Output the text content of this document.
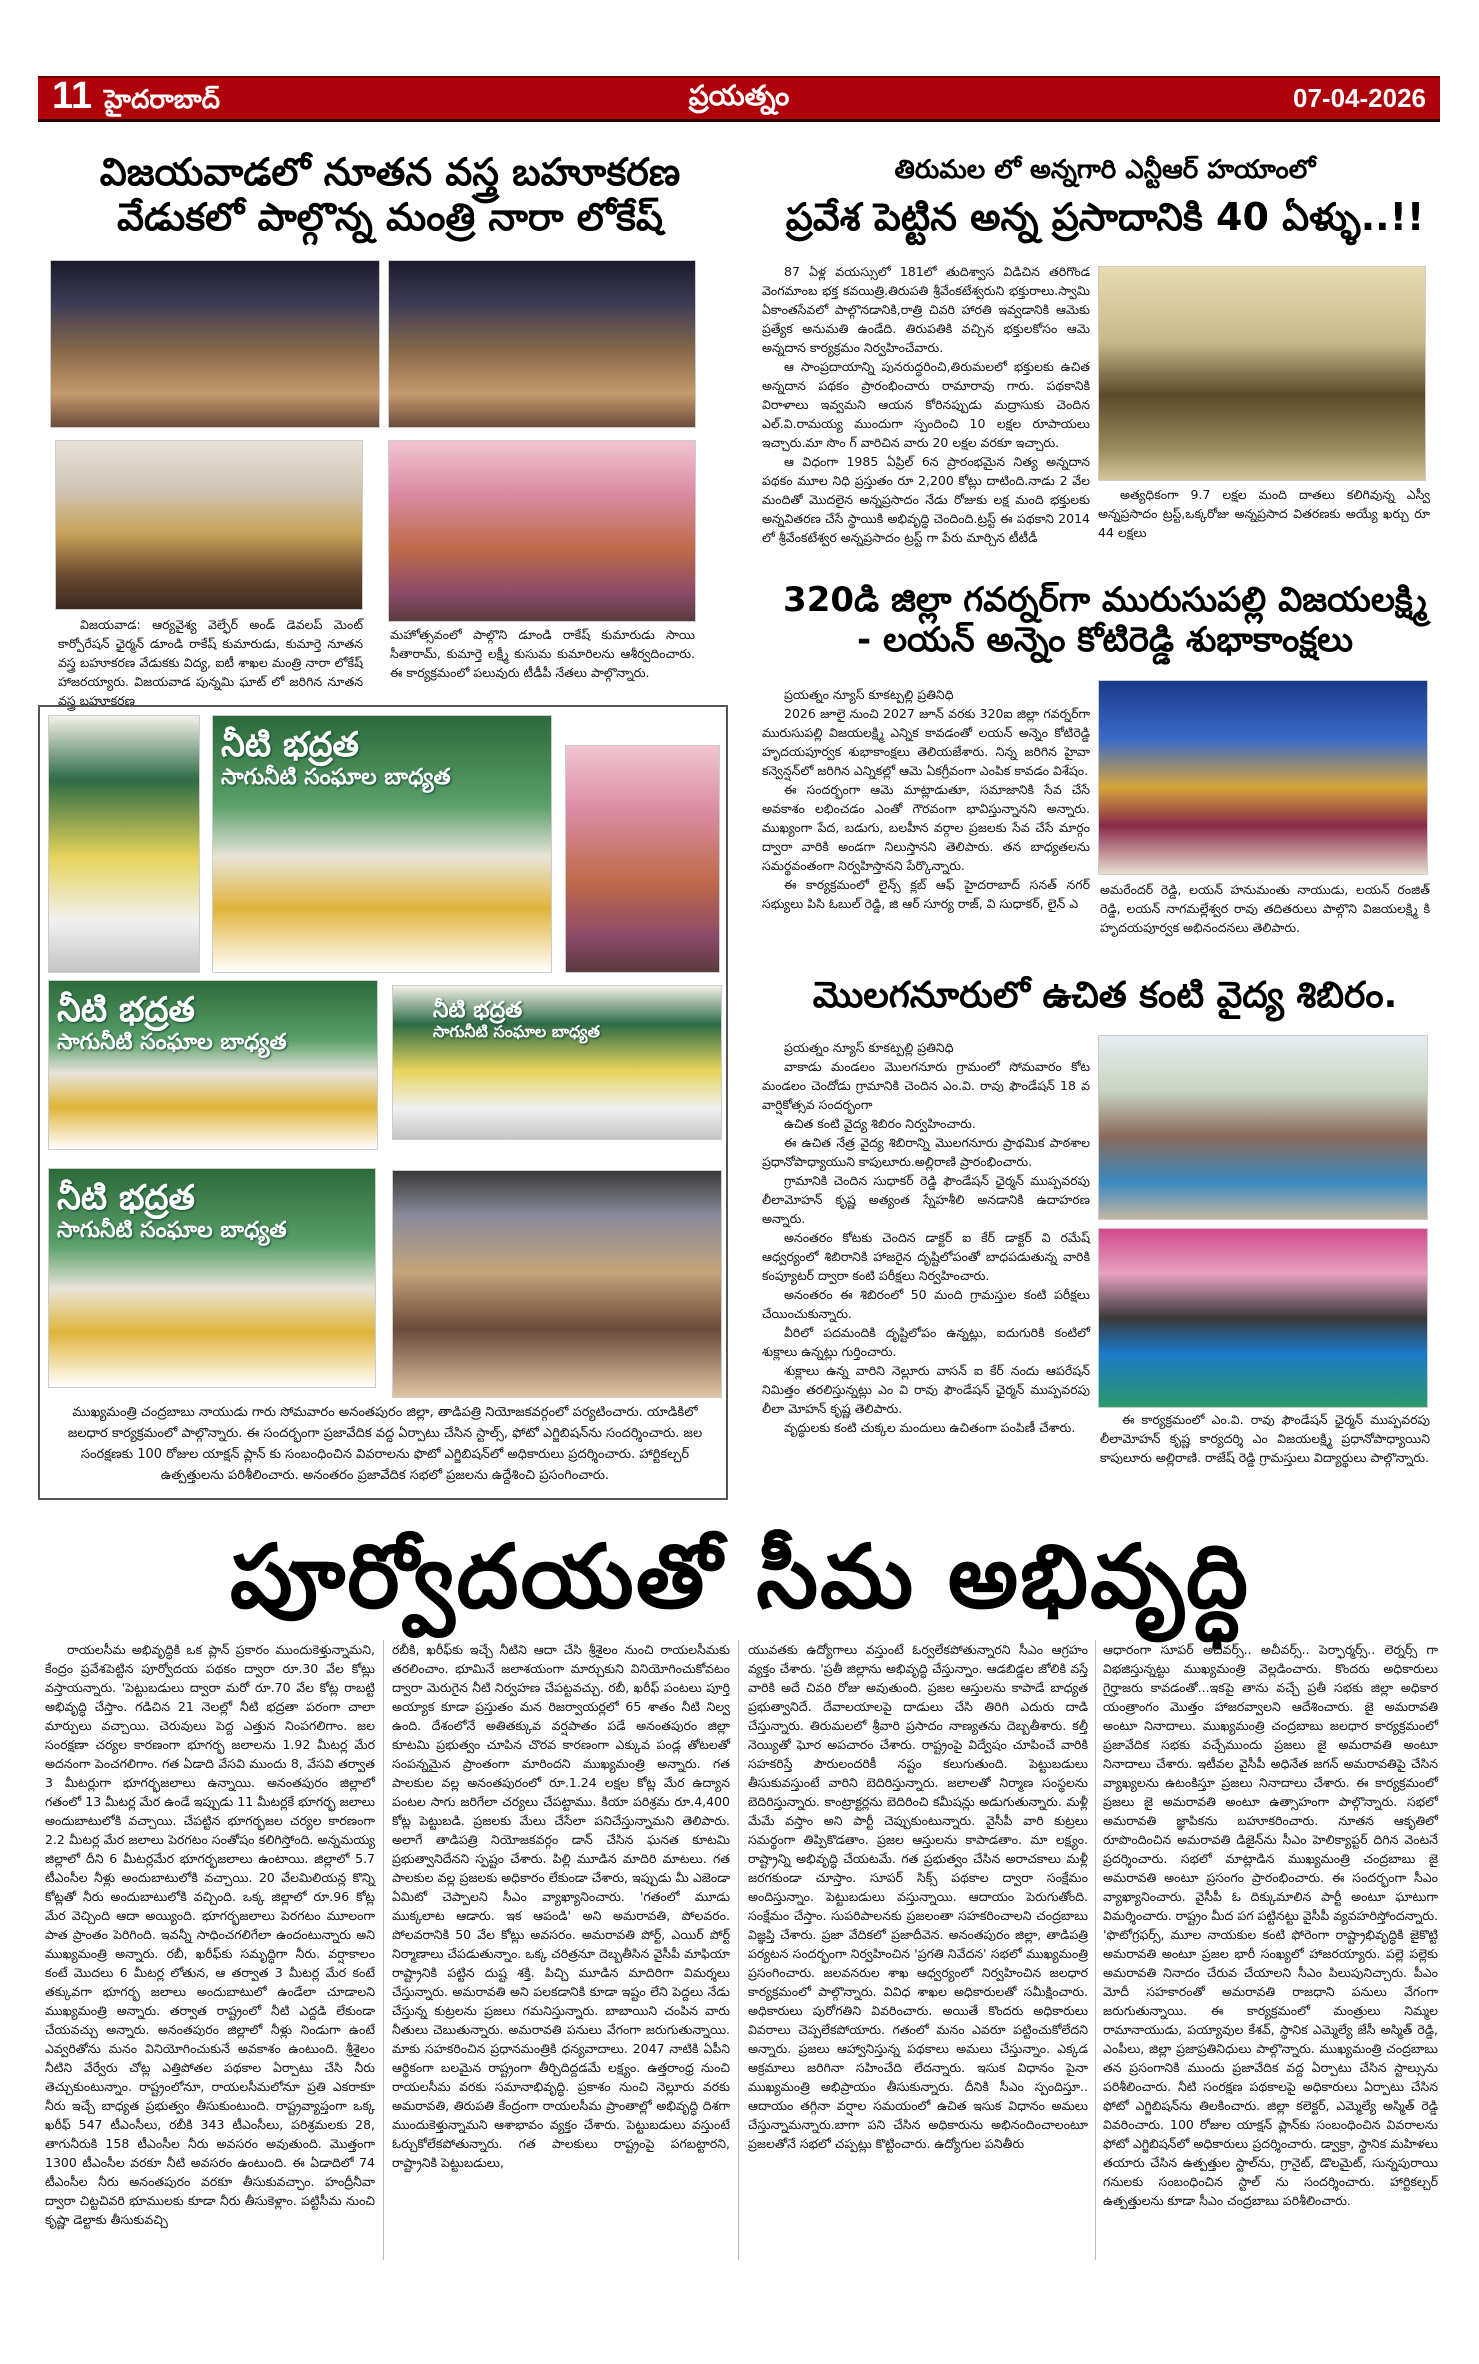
11 హైదరాబాద్	ప్రయత్నం	07-04-2026
విజయవాడలో నూతన వస్త్ర బహూకరణ
వేడుకలో పాల్గొన్న మంత్రి నారా లోకేష్

విజయవాడ: ఆర్యవైశ్య వెల్ఫేర్ అండ్ డెవలప్ మెంట్ కార్పోరేషన్ ఛైర్మన్ డూండి రాకేష్ కుమారుడు, కుమార్తె నూతన వస్త్ర బహూకరణ వేడుకకు విద్య, ఐటీ శాఖల మంత్రి నారా లోకేష్ హాజరయ్యారు. విజయవాడ పున్నమి ఘాట్ లో జరిగిన నూతన వస్త్ర బహూకరణ

మహోత్సవంలో పాల్గొని డూండి రాకేష్ కుమారుడు సాయి సీతారామ్, కుమార్తె లక్ష్మీ కుసుమ కుమారిలను ఆశీర్వదించారు. ఈ కార్యక్రమంలో పలువురు టీడీపీ నేతలు పాల్గొన్నారు.

తిరుమల లో అన్నగారి ఎన్టీఆర్ హయాంలో
ప్రవేశ పెట్టిన అన్న ప్రసాదానికి 40 ఏళ్ళు..!!

87 ఏళ్ల వయస్సులో 181లో తుదిశ్వాస విడిచిన తరిగొండ వెంగమాంబ భక్త కవయిత్రి.తిరుపతి శ్రీవేంకటేశ్వరుని భక్తురాలు.స్వామి ఏకాంతసేవలో పాల్గొనడానికి,రాత్రి చివరి హారతి ఇవ్వడానికి ఆమెకు ప్రత్యేక అనుమతి ఉండేది. తిరుపతికి వచ్చిన భక్తులకోసం ఆమె అన్నదాన కార్యక్రమం నిర్వహించేవారు.

ఆ సాంప్రదాయాన్ని పునరుద్ధరించి,తిరుమలలో భక్తులకు ఉచిత అన్నదాన పథకం ప్రారంభించారు రామారావు గారు. పథకానికి విరాళాలు ఇవ్వమని ఆయన కోరినప్పుడు మద్రాసుకు చెందిన ఎల్.వి.రామయ్య ముందుగా స్పందించి 10 లక్షల రూపాయలు ఇచ్చారు.మా సొం గ్ వారిచిన వారు 20 లక్షల వరకూ ఇచ్చారు.

ఆ విధంగా 1985 ఏప్రిల్ 6న ప్రారంభమైన నిత్య అన్నదాన పథకం మూల నిధి ప్రస్తుతం రూ 2,200 కోట్లు దాటింది.నాడు 2 వేల మందితో మొదలైన అన్నప్రసాదం నేడు రోజుకు లక్ష మంది భక్తులకు అన్నవితరణ చేసే స్థాయికి అభివృద్ధి చెందింది.ట్రస్ట్ ఈ పథకాని 2014 లో శ్రీవేంకటేశ్వర అన్నప్రసాదం ట్రస్ట్ గా పేరు మార్చిన టీటీడీ

అత్యధికంగా 9.7 లక్షల మంది దాతలు కలిగివున్న ఎస్వీ అన్నప్రసాదం ట్రస్ట్,ఒక్కరోజు అన్నప్రసాద వితరణకు అయ్యే ఖర్చు రూ 44 లక్షలు

320డి జిల్లా గవర్నర్‌గా మురుసుపల్లి విజయలక్ష్మి
- లయన్ అన్నెం కోటిరెడ్డి శుభాకాంక్షలు

ప్రయత్నం న్యూస్ కూకట్పల్లి ప్రతినిధి

2026 జూలై నుంచి 2027 జూన్ వరకు 320ఐ జిల్లా గవర్నర్‌గా మురుసుపల్లి విజయలక్ష్మి ఎన్నిక కావడంతో లయన్ అన్నెం కోటిరెడ్డి హృదయపూర్వక శుభాకాంక్షలు తెలియజేశారు. నిన్న జరిగిన హైవా కన్వెన్షన్‌లో జరిగిన ఎన్నికల్లో ఆమె ఏకగ్రీవంగా ఎంపిక కావడం విశేషం.

ఈ సందర్భంగా ఆమె మాట్లాడుతూ, సమాజానికి సేవ చేసే అవకాశం లభించడం ఎంతో గౌరవంగా భావిస్తున్నానని అన్నారు. ముఖ్యంగా పేద, బడుగు, బలహీన వర్గాల ప్రజలకు సేవ చేసే మార్గం ద్వారా వారికి అండగా నిలుస్తానని తెలిపారు. తన బాధ్యతలను సమర్థవంతంగా నిర్వహిస్తానని పేర్కొన్నారు.

ఈ కార్యక్రమంలో లైన్స్ క్లబ్ ఆఫ్ హైదరాబాద్ సనత్ నగర్ సభ్యులు పిసి ఓబుల్ రెడ్డి, జి ఆర్ సూర్య రాజ్, వి సుధాకర్, లైన్ ఎ

అమరేందర్ రెడ్డి, లయన్ హనుమంతు నాయుడు, లయన్ రంజిత్ రెడ్డి, లయన్ నాగమల్లేశ్వర రావు తదితరులు పాల్గొని విజయలక్ష్మి కి హృదయపూర్వక అభినందనలు తెలిపారు.

మొలగనూరులో ఉచిత కంటి వైద్య శిబిరం.

ప్రయత్నం న్యూస్ కూకట్పల్లి ప్రతినిధి

వాకాడు మండలం మొలగనూరు గ్రామంలో సోమవారం కోట మండలం చెందోడు గ్రామానికి చెందిన ఎం.వి. రావు ఫౌండేషన్ 18 వ వార్షికోత్సవ సందర్భంగా

ఉచిత కంటి వైద్య శిబిరం నిర్వహించారు.

ఈ ఉచిత నేత్ర వైద్య శిబిరాన్ని మొలగనూరు ప్రాథమిక పాఠశాల ప్రధానోపాధ్యాయుని కాపులూరు.అల్లిరాణి ప్రారంభించారు.

గ్రామానికి చెందిన సుధాకర్ రెడ్డి ఫౌండేషన్ ఛైర్మన్ ముప్పవరపు లీలామోహన్ కృష్ణ అత్యంత స్నేహశీలి అనడానికి ఉదాహరణ అన్నారు.

అనంతరం కోటకు చెందిన డాక్టర్ ఐ కేర్ డాక్టర్ వి రమేష్ ఆధ్వర్యంలో శిబిరానికి హాజరైన దృష్టిలోపంతో బాధపడుతున్న వారికి కంప్యూటర్ ద్వారా కంటి పరీక్షలు నిర్వహించారు.

అనంతరం ఈ శిబిరంలో 50 మంది గ్రామస్తుల కంటి పరీక్షలు చేయించుకున్నారు.

వీరిలో పదమందికి దృష్టిలోపం ఉన్నట్లు, ఐదుగురికి కంటిలో శుక్లాలు ఉన్నట్లు గుర్తించారు.

శుక్లాలు ఉన్న వారిని నెల్లూరు వాసన్ ఐ కేర్ నందు ఆపరేషన్ నిమిత్తం తరలిస్తున్నట్లు ఎం వి రావు ఫౌండేషన్ ఛైర్మన్ ముప్పవరపు లీలా మోహన్ కృష్ణ తెలిపారు.

వృద్ధులకు కంటి చుక్కల మందులు ఉచితంగా పంపిణీ చేశారు.

ఈ కార్యక్రమంలో ఎం.వి. రావు ఫౌండేషన్ ఛైర్మన్ ముప్పవరపు లీలామోహన్ కృష్ణ కార్యదర్శి ఎం విజయలక్ష్మి ప్రధానోపాధ్యాయిని కాపులూరు అల్లిరాణి. రాజేష్ రెడ్డి గ్రామస్తులు విద్యార్థులు పాల్గొన్నారు.

నీటి భద్రత
సాగునీటి సంఘాల బాధ్యత
నీటి భద్రత
సాగునీటి సంఘాల బాధ్యత
నీటి భద్రత
సాగునీటి సంఘాల బాధ్యత
నీటి భద్రత
సాగునీటి సంఘాల బాధ్యత
ముఖ్యమంత్రి చంద్రబాబు నాయుడు గారు సోమవారం అనంతపురం జిల్లా, తాడిపత్రి నియోజకవర్గంలో పర్యటించారు. యాడికిలో జలధార కార్యక్రమంలో పాల్గొన్నారు. ఈ సందర్భంగా ప్రజావేదిక వద్ద ఏర్పాటు చేసిన స్టాల్స్, ఫోటో ఎగ్జిబిషన్‌ను సందర్శించారు. జల సంరక్షణకు 100 రోజుల యాక్షన్ ప్లాన్ కు సంబంధించిన వివరాలను ఫొటో ఎగ్జిబిషన్‌లో అధికారులు ప్రదర్శించారు. హార్టికల్చర్ ఉత్పత్తులను పరిశీలించారు. అనంతరం ప్రజావేదిక సభలో ప్రజలను ఉద్దేశించి ప్రసంగించారు.
పూర్వోదయతో సీమ అభివృద్ధి

రాయలసీమ అభివృద్ధికి ఒక ప్లాన్ ప్రకారం ముందుకెళ్తున్నామని, కేంద్రం ప్రవేశపెట్టిన పూర్వోదయ పథకం ద్వారా రూ.30 వేల కోట్లు వస్తాయన్నారు. 'పెట్టుబడులు ద్వారా మరో రూ.70 వేల కోట్ల రాబట్టి అభివృద్ధి చేస్తాం. గడిచిన 21 నెలల్లో నీటి భద్రతా పరంగా చాలా మార్పులు వచ్చాయి. చెరువులు పెద్ద ఎత్తున నింపగలిగాం. జల సంరక్షణా చర్యల కారణంగా భూగర్భ జలాలను 1.92 మీటర్ల మేర అదనంగా పెంచగలిగాం. గత ఏడాది వేసవి ముందు 8, వేసవి తర్వాత 3 మీటర్లుగా భూగర్భజలాలు ఉన్నాయి. అనంతపురం జిల్లాలో గతంలో 13 మీటర్ల మేర ఉండే ఇప్పుడు 11 మీటర్లకే భూగర్భ జలాలు అందుబాటులోకి వచ్చాయి. చేపట్టిన భూగర్భజల చర్యల కారణంగా 2.2 మీటర్ల మేర జలాలు పెరగటం సంతోషం కలిగిస్తోంది. అన్నమయ్య జిల్లాలో దీని 6 మీటర్లమేర భూగర్భజలాలు ఉంటాయి. జిల్లాలో 5.7 టీఎంసీల నీళ్లు అందుబాటులోకి వచ్చాయి. 20 వేలమిలియన్ల కొన్ని కోట్లతో నీరు అందుబాటులోకి వచ్చింది. ఒక్క జిల్లాలో రూ.96 కోట్ల మేర వెచ్చింది ఆదా అయ్యింది. భూగర్భజలాలు పెరగటం మూలంగా పాత ప్రాంతం పెరిగింది. ఇవన్నీ సాధించగలిగేలా ఉందంటున్నారు అని ముఖ్యమంత్రి అన్నారు. రబీ, ఖరీఫ్‌కు సమృద్ధిగా నీరు. వర్షాకాలం కంటే మొదలు 6 మీటర్ల లోతున, ఆ తర్వాత 3 మీటర్ల మేర కంటే తక్కువగా భూగర్భ జలాలు అందుబాటులో ఉండేలా చూడాలని ముఖ్యమంత్రి అన్నారు. తర్వాత రాష్ట్రంలో నీటి ఎద్దడి లేకుండా చేయవచ్చు అన్నారు. అనంతపురం జిల్లాలో నీళ్లు నిండుగా ఉంటే ఎవ్వరితోను మనం వినియోగించుకునే అవకాశం ఉంటుంది. శ్రీశైలం నీటిని వేర్వేరు చోట్ల ఎత్తిపోతల పథకాల ఏర్పాటు చేసి నీరు తెచ్చుకుంటున్నాం. రాష్ట్రంలోనూ, రాయలసీమలోనూ ప్రతి ఎకరాకూ నీరు ఇచ్చే బాధ్యత ప్రభుత్వం తీసుకుంటుంది. రాష్ట్రవ్యాప్తంగా ఒక్క ఖరీఫ్ 547 టీఎంసీలు, రబీకి 343 టీఎంసీలు, పరిశ్రమలకు 28, తాగునీరుకి 158 టీఎంసీల నీరు అవసరం అవుతుంది. మొత్తంగా 1300 టీఎంసీల వరకూ నీటి అవసరం ఉంటుంది. ఈ ఏడాదిలో 74 టీఎంసీల నీరు అనంతపురం వరకూ తీసుకువచ్చాం. హంద్రీనీవా ద్వారా చిట్టచివరి భూములకు కూడా నీరు తీసుకెళ్లాం. పట్టిసీమ నుంచి కృష్ణా డెల్టాకు తీసుకువచ్చి

రబీకి, ఖరీఫ్‌కు ఇచ్చే నీటిని ఆదా చేసి శ్రీశైలం నుంచి రాయలసీమకు తరలించాం. భూమినే జలాశయంగా మార్చుకుని వినియోగించుకోవటం ద్వారా మెరుగైన నీటి నిర్వహణ చేపట్టవచ్చు. రబీ, ఖరీఫ్ పంటలు పూర్తి అయ్యాక కూడా ప్రస్తుతం మన రిజర్వాయర్లలో 65 శాతం నీటి నిల్వ ఉంది. దేశంలోనే అతితక్కువ వర్షపాతం పడే అనంతపురం జిల్లా కూటమి ప్రభుత్వం చూపిన చొరవ కారణంగా ఎక్కువ పండ్ల తోటలతో సంపన్నమైన ప్రాంతంగా మారిందని ముఖ్యమంత్రి అన్నారు. గత పాలకుల వల్ల అనంతపురంలో రూ.1.24 లక్షల కోట్ల మేర ఉద్యాన పంటల సాగు జరిగేలా చర్యలు చేపట్టాము. కియా పరిశ్రమ రూ.4,400 కోట్ల పెట్టుబడి. ప్రజలకు మేలు చేసేలా పనిచేస్తున్నామని తెలిపారు. అలాగే తాడిపత్రి నియోజకవర్గం డాన్ చేసిన ఘనత కూటమి ప్రభుత్వానిదేనని స్పష్టం చేశారు. పిల్లి మూడిన మాదిరి మాటలు. గత పాలకుల వల్ల ప్రజలకు అధికారం లేకుండా చేశారు, ఇప్పుడు మీ ఎజెండా ఏమిటో చెప్పాలని సీఎం వ్యాఖ్యానించారు. 'గతంలో మూడు ముక్కలాట ఆడారు. ఇక ఆపండి' అని అమరావతి, పోలవరం. పోలవరానికి 50 వేల కోట్లు అవసరం. అమరావతి పోర్ట్, ఎయిర్ పోర్ట్ నిర్మాణాలు చేపడుతున్నాం. ఒక్క చరిత్రనూ దెబ్బతీసిన వైసీపీ మాఫియా రాష్ట్రానికి పట్టిన దుష్ట శక్తి. పిచ్చి మూడిన మాదిరిగా విమర్శలు చేస్తున్నారు. అమరావతి అని పలకడానికి కూడా ఇష్టం లేని పెద్దలు నేడు చేస్తున్న కుట్రలను ప్రజలు గమనిస్తున్నారు. బాబాయిని చంపిన వారు నీతులు చెబుతున్నారు. అమరావతి పనులు వేగంగా జరుగుతున్నాయి. మాకు సహకరించిన ప్రధానమంత్రికి ధన్యవాదాలు. 2047 నాటికి ఏపీని ఆర్థికంగా బలమైన రాష్ట్రంగా తీర్చిదిద్దడమే లక్ష్యం. ఉత్తరాంధ్ర నుంచి రాయలసీమ వరకు సమానాభివృద్ధి. ప్రకాశం నుంచి నెల్లూరు వరకు అమరావతి, తిరుపతి కేంద్రంగా రాయలసీమ ప్రాంతాల్లో అభివృద్ధి దిశగా ముందుకెళ్తున్నామని ఆశాభావం వ్యక్తం చేశారు. పెట్టుబడులు వస్తుంటే ఓర్చుకోలేకపోతున్నారు. గత పాలకులు రాష్ట్రంపై పగబట్టారని, రాష్ట్రానికి పెట్టుబడులు,

యువతకు ఉద్యోగాలు వస్తుంటే ఓర్వలేకపోతున్నారని సీఎం ఆగ్రహం వ్యక్తం చేశారు. 'ప్రతీ జిల్లాను అభివృద్ధి చేస్తున్నాం. ఆడబిడ్డల జోలికి వస్తే వారికి అదే చివరి రోజు అవుతుంది. ప్రజల ఆస్తులను కాపాడే బాధ్యత ప్రభుత్వానిదే. దేవాలయాలపై దాడులు చేసి తిరిగి ఎదురు దాడి చేస్తున్నారు. తిరుమలలో శ్రీవారి ప్రసాదం నాణ్యతను దెబ్బతీశారు. కల్తీ నెయ్యితో ఘోర అపచారం చేశారు. రాష్ట్రంపై విద్వేషం చూపించే వారికి సహకరిస్తే పౌరులందరికీ నష్టం కలుగుతుంది. పెట్టుబడులు తీసుకువస్తుంటే వారిని బెదిరిస్తున్నారు. జలాలతో నిర్మాణ సంస్థలను బెదిరిస్తున్నారు. కాంట్రాక్టర్లను బెదిరించి కమీషన్లు అడుగుతున్నారు. మళ్లీ మేమే వస్తాం అని పార్టీ చెప్పుకుంటున్నారు. వైసీపీ వారి కుట్రలు సమర్థంగా తిప్పికొడతాం. ప్రజల ఆస్తులను కాపాడతాం. మా లక్ష్యం. రాష్ట్రాన్ని అభివృద్ధి చేయటమే. గత ప్రభుత్వం చేసిన అరాచకాలు మళ్లీ జరగకుండా చూస్తాం. సూపర్ సిక్స్ పథకాల ద్వారా సంక్షేమం అందిస్తున్నాం. పెట్టుబడులు వస్తున్నాయి. ఆదాయం పెరుగుతోంది. సంక్షేమం చేస్తాం. సుపరిపాలనకు ప్రజలంతా సహకరించాలని చంద్రబాబు విజ్ఞప్తి చేశారు. ప్రజా వేదికలో ప్రజాదీవెన. అనంతపురం జిల్లా, తాడిపత్రి పర్యటన సందర్భంగా నిర్వహించిన 'ప్రగతి నివేదన' సభలో ముఖ్యమంత్రి ప్రసంగించారు. జలవనరుల శాఖ ఆధ్వర్యంలో నిర్వహించిన జలధార కార్యక్రమంలో పాల్గొన్నారు. వివిధ శాఖల అధికారులతో సమీక్షించారు. అధికారులు పురోగతిని వివరించారు. అయితే కొందరు అధికారులు వివరాలు చెప్పలేకపోయారు. గతంలో మనం ఎవరూ పట్టించుకోలేదని అన్నారు. ప్రజలు ఆహ్వానిస్తున్న పథకాలు అమలు చేస్తున్నాం. ఎక్కడ అక్రమాలు జరిగినా సహించేది లేదన్నారు. ఇసుక విధానం పైనా ముఖ్యమంత్రి అభిప్రాయం తీసుకున్నారు. దీనికి సీఎం స్పందిస్తూ.. ఆదాయం తగ్గినా వర్షాల సమయంలో ఉచిత ఇసుక విధానం అమలు చేస్తున్నామన్నారు.బాగా పని చేసిన అధికారును అభినందించాలంటూ ప్రజలతోనే సభలో చప్పట్లు కొట్టించారు. ఉద్యోగుల పనితీరు

ఆధారంగా సూపర్ అచీవర్స్.. అచీవర్స్.. పెర్ఫార్మర్స్.. లెర్నర్స్ గా విభజిస్తున్నట్టు ముఖ్యమంత్రి వెల్లడించారు. కొందరు అధికారులు గైర్హాజరు కావడంతో...ఇకపై తాను వచ్చే ప్రతీ సభకు జిల్లా అధికార యంత్రాంగం మొత్తం హాజరవ్వాలని ఆదేశించారు. జై అమరావతి అంటూ నినాదాలు. ముఖ్యమంత్రి చంద్రబాబు జలధార కార్యక్రమంలో ప్రజావేదిక సభకు వచ్చేముందు ప్రజలు జై అమరావతి అంటూ నినాదాలు చేశారు. ఇటీవల వైసీపీ అధినేత జగన్ అమరావతిపై చేసిన వ్యాఖ్యలను ఉటంకిస్తూ ప్రజలు నినాదాలు చేశారు. ఈ కార్యక్రమంలో ప్రజలు జై అమరావతి అంటూ ఉత్సాహంగా పాల్గొన్నారు. సభలో అమరావతి జ్ఞాపికను బహూకరించారు. నూతన ఆకృతిలో రూపొందించిన అమరావతి డిజైన్‌ను సీఎం హెలిక్యాప్టర్ దిగిన వెంటనే ప్రదర్శించారు. సభలో మాట్లాడిన ముఖ్యమంత్రి చంద్రబాబు జై అమరావతి అంటూ ప్రసంగం ప్రారంభించారు. ఈ సందర్భంగా సీఎం వ్యాఖ్యానించారు. వైసీపీ ఓ దిక్కుమాలిన పార్టీ అంటూ ఘాటుగా విమర్శించారు. రాష్ట్రం మీద పగ పట్టినట్టు వైసీపీ వ్యవహరిస్తోందన్నారు. 'ఫొటోగ్రఫర్స్, మూల నాయకుల కంటి ఫోరెంగా రాష్ట్రాభివృద్ధికి జైకొట్టి అమరావతి అంటూ ప్రజల భారీ సంఖ్యలో హాజరయ్యారు. పల్లె పల్లెకు అమరావతి నినాదం చేరువ చేయాలని సీఎం పిలుపునిచ్చారు. పీఎం మోదీ సహకారంతో అమరావతి రాజధాని పనులు వేగంగా జరుగుతున్నాయి. ఈ కార్యక్రమంలో మంత్రులు నిమ్మల రామానాయుడు, పయ్యావుల కేశవ్, స్థానిక ఎమ్మెల్యే జేసీ అస్మిత్ రెడ్డి, ఎంపీలు, జిల్లా ప్రజాప్రతినిధులు పాల్గొన్నారు. ముఖ్యమంత్రి చంద్రబాబు తన ప్రసంగానికి ముందు ప్రజావేదిక వద్ద ఏర్పాటు చేసిన స్టాల్సును పరిశీలించారు. నీటి సంరక్షణ పథకాలపై అధికారులు ఏర్పాటు చేసిన ఫోటో ఎగ్జిబిషన్‌ను తిలకించారు. జిల్లా కలెక్టర్, ఎమ్మెల్యే అస్మిత్ రెడ్డి వివరించారు. 100 రోజుల యాక్షన్ ప్లాన్‌కు సంబంధించిన వివరాలను ఫోటో ఎగ్జిబిషన్‌లో అధికారులు ప్రదర్శించారు. డ్వాక్రా, స్థానిక మహిళలు తయారు చేసిన ఉత్పత్తుల స్టాల్‌ను, గ్రానైట్, డొలమైట్, సున్నపురాయి గనులకు సంబంధించిన స్టాల్ ను సందర్శించారు. హార్టికల్చర్ ఉత్పత్తులను కూడా సీఎం చంద్రబాబు పరిశీలించారు.
